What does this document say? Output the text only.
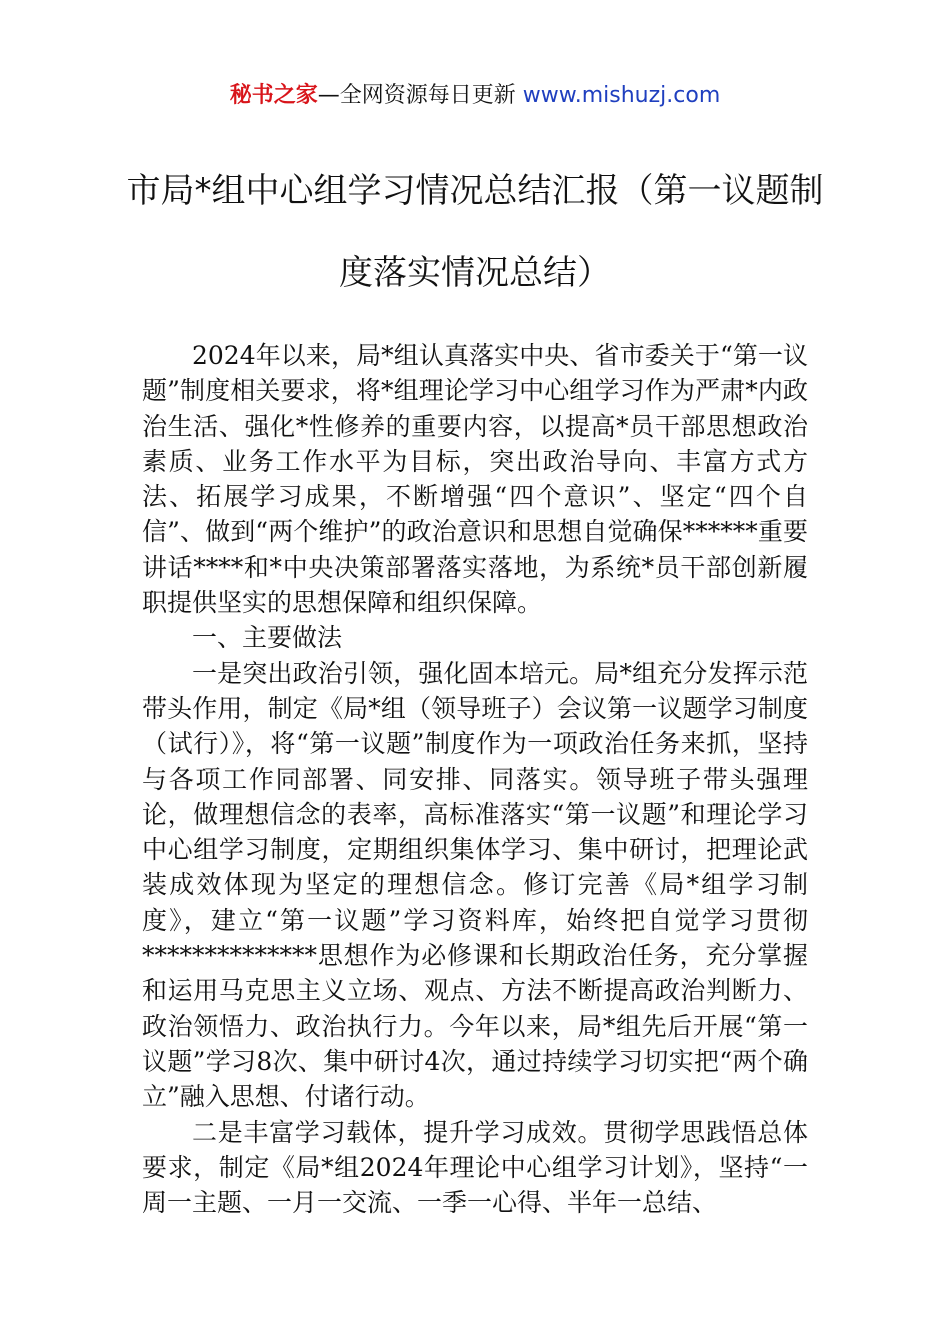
秘书之家—全网资源每日更新 www.mishuzj.com
市局*组中心组学习情况总结汇报（第一议题制度落实情况总结）

2024年以来，局*组认真落实中央、省市委关于“第一议题”制度相关要求，将*组理论学习中心组学习作为严肃*内政治生活、强化*性修养的重要内容，以提高*员干部思想政治素质、业务工作水平为目标，突出政治导向、丰富方式方法、拓展学习成果，不断增强“四个意识”、坚定“四个自信”、做到“两个维护”的政治意识和思想自觉确保******重要讲话****和*中央决策部署落实落地，为系统*员干部创新履职提供坚实的思想保障和组织保障。

一、主要做法

一是突出政治引领，强化固本培元。局*组充分发挥示范带头作用，制定《局*组（领导班子）会议第一议题学习制度（试行）》，将“第一议题”制度作为一项政治任务来抓，坚持与各项工作同部署、同安排、同落实。领导班子带头强理论，做理想信念的表率，高标准落实“第一议题”和理论学习中心组学习制度，定期组织集体学习、集中研讨，把理论武装成效体现为坚定的理想信念。修订完善《局*组学习制度》，建立“第一议题”学习资料库，始终把自觉学习贯彻**************思想作为必修课和长期政治任务，充分掌握和运用马克思主义立场、观点、方法不断提高政治判断力、政治领悟力、政治执行力。今年以来，局*组先后开展“第一议题”学习8次、集中研讨4次，通过持续学习切实把“两个确立”融入思想、付诸行动。

二是丰富学习载体，提升学习成效。贯彻学思践悟总体要求，制定《局*组2024年理论中心组学习计划》，坚持“一周一主题、一月一交流、一季一心得、半年一总结、
